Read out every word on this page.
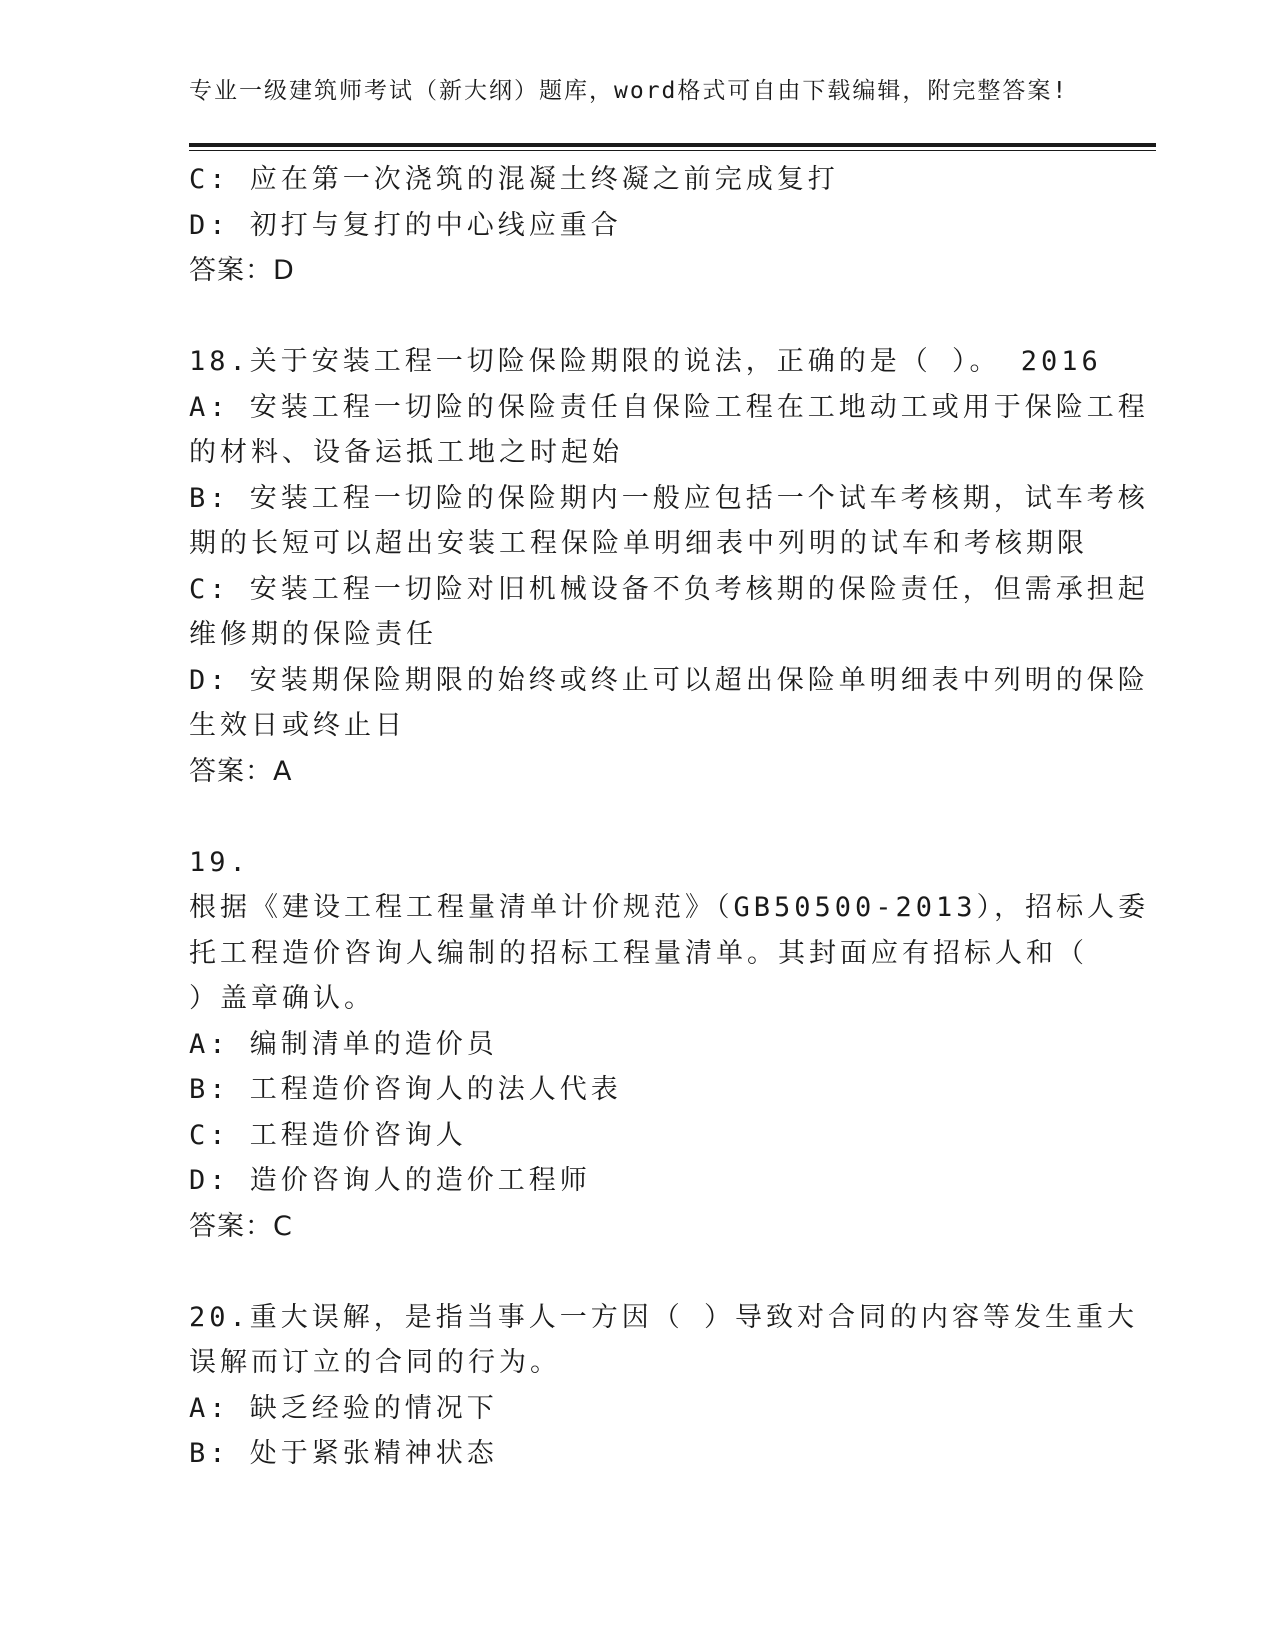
专业一级建筑师考试（新大纲）题库，word格式可自由下载编辑，附完整答案!
C: 应在第一次浇筑的混凝土终凝之前完成复打
D: 初打与复打的中心线应重合
答案：D
18.关于安装工程一切险保险期限的说法，正确的是（ ）。 2016
A: 安装工程一切险的保险责任自保险工程在工地动工或用于保险工程
的材料、设备运抵工地之时起始
B: 安装工程一切险的保险期内一般应包括一个试车考核期，试车考核
期的长短可以超出安装工程保险单明细表中列明的试车和考核期限
C: 安装工程一切险对旧机械设备不负考核期的保险责任，但需承担起
维修期的保险责任
D: 安装期保险期限的始终或终止可以超出保险单明细表中列明的保险
生效日或终止日
答案：A
19.
根据《建设工程工程量清单计价规范》（GB50500-2013），招标人委
托工程造价咨询人编制的招标工程量清单。其封面应有招标人和（
）盖章确认。
A: 编制清单的造价员
B: 工程造价咨询人的法人代表
C: 工程造价咨询人
D: 造价咨询人的造价工程师
答案：C
20.重大误解，是指当事人一方因（ ）导致对合同的内容等发生重大
误解而订立的合同的行为。
A: 缺乏经验的情况下
B: 处于紧张精神状态
